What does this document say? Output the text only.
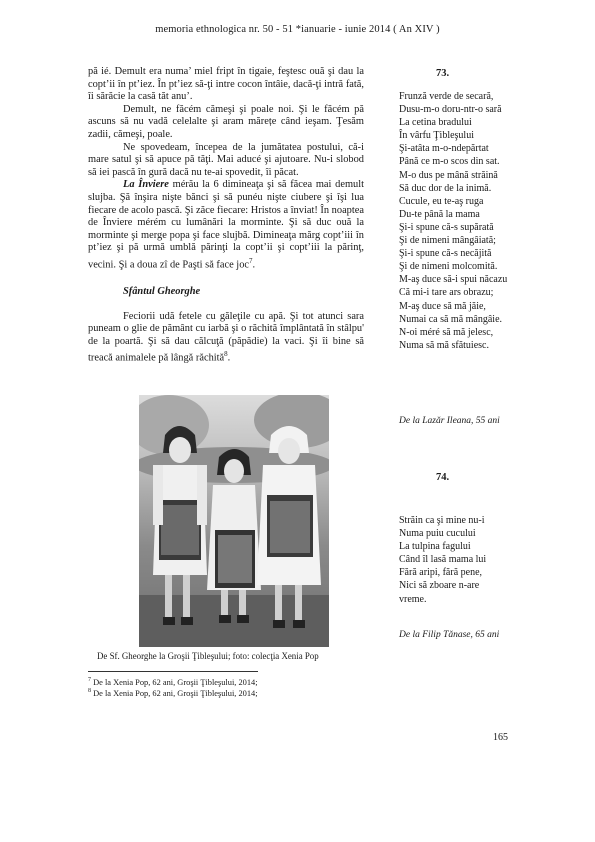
memoria ethnologica nr. 50 - 51 *ianuarie - iunie 2014 ( An XIV )

pă ié. Demult era numa’ miel fript în tigaie, feştesc ouă şi dau la copt’ii în pt’iez. În pt’iez să-ţi intre cocon întâie, dacă-ţi intră fată, îi sărăcie la casă tăt anu’.

Demult, ne făcém cămeşi şi poale noi. Şi le făcém pă ascuns să nu vadă celelalte şi aram mărețe când ieşam. Ţesăm zadii, cămeşi, poale.

Ne spovedeam, începea de la jumătatea postului, că-i mare satul şi să apuce pă tăţi. Mai aducé şi ajutoare. Nu-i slobod să iei pască în gură dacă nu te-ai spovedit, îi păcat.

La Înviere mérău la 6 dimineaţa şi să făcea mai demult slujba. Şă înşira nişte bănci şi să punéu nişte ciubere şi îşi lua fiecare de acolo pască. Şi zăce fiecare: Hristos a înviat! În noaptea de Înviere mérém cu lumânări la morminte. Şi să duc ouă la morminte şi merge popa şi face slujbă. Dimineaţa mărg copt’iii în pt’iez şi pă urmă umblă părinţi la copt’ii şi copt’iii la părinţ, vecini. Şi a doua zî de Paşti să face joc$^7$.

Sfântul Gheorghe

Feciorii udă fetele cu găleţile cu apă. Şi tot atunci sara puneam o glie de pământ cu iarbă şi o răchită împlântată în stâlpu' de la poartă. Şi să dau călcuţă (păpădie) la vaci. Şi îi bine să treacă animalele pă lângă răchită$^8$.

De Sf. Gheorghe la Groşii Ţibleşului; foto: colecţia Xenia Pop
$^7$ De la Xenia Pop, 62 ani, Groşii Ţibleşului, 2014;
$^8$ De la Xenia Pop, 62 ani, Groşii Ţibleşului, 2014;
73.
Frunză verde de secară,
Dusu-m-o doru-ntr-o sară
La cetina bradului
În vârfu Ţibleşului
Şi-atâta m-o-ndepărtat
Până ce m-o scos din sat.
M-o dus pe mână străină
Să duc dor de la inimă.
Cucule, eu te-aş ruga
Du-te până la mama
Şi-i spune că-s supărată
Şi de nimeni mângâiată;
Şi-i spune că-s necăjită
Şi de nimeni molcomită.
M-aş duce să-i spui năcazu
Că mi-i tare ars obrazu;
M-aş duce să mă jăie,
Numai ca să mă mângâie.
N-oi méré să mă jelesc,
Numa să mă sfătuiesc.
De la Lazăr Ileana, 55 ani
74.
Străin ca şi mine nu-i
Numa puiu cucului
La tulpina fagului
Când îl lasă mama lui
Fără aripi, fără pene,
Nici să zboare n-are
vreme.
De la Filip Tănase, 65 ani
165
